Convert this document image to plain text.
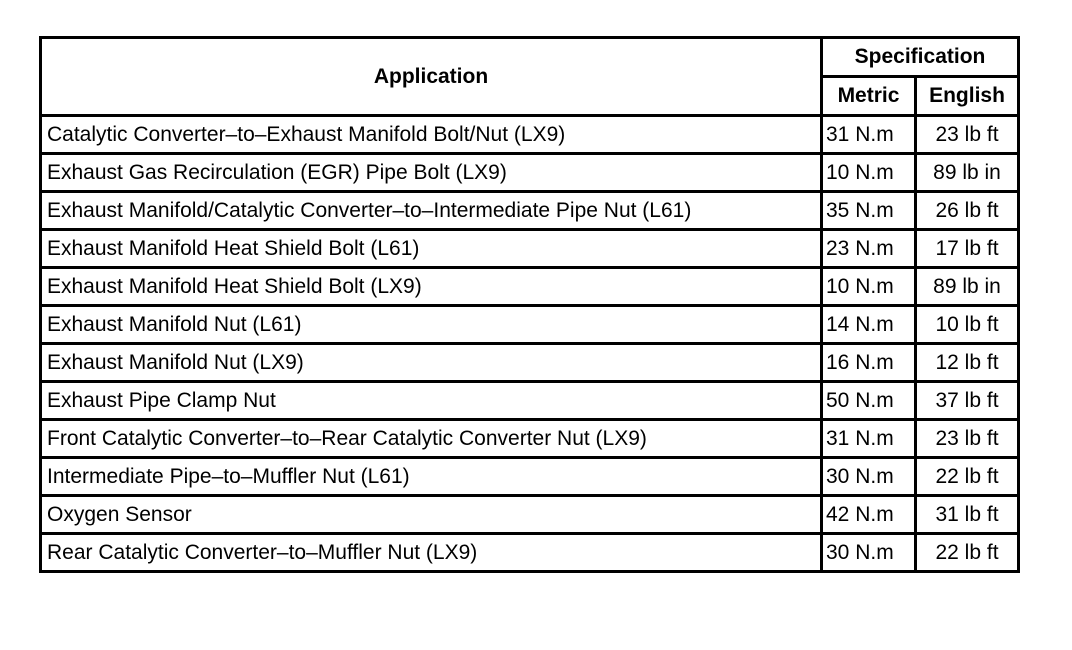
Application	Specification	
	Metric	English
Catalytic Converter–to–Exhaust Manifold Bolt/Nut (LX9)	31 N.m	23 lb ft
Exhaust Gas Recirculation (EGR) Pipe Bolt (LX9)	10 N.m	89 lb in
Exhaust Manifold/Catalytic Converter–to–Intermediate Pipe Nut (L61)	35 N.m	26 lb ft
Exhaust Manifold Heat Shield Bolt (L61)	23 N.m	17 lb ft
Exhaust Manifold Heat Shield Bolt (LX9)	10 N.m	89 lb in
Exhaust Manifold Nut (L61)	14 N.m	10 lb ft
Exhaust Manifold Nut (LX9)	16 N.m	12 lb ft
Exhaust Pipe Clamp Nut	50 N.m	37 lb ft
Front Catalytic Converter–to–Rear Catalytic Converter Nut (LX9)	31 N.m	23 lb ft
Intermediate Pipe–to–Muffler Nut (L61)	30 N.m	22 lb ft
Oxygen Sensor	42 N.m	31 lb ft
Rear Catalytic Converter–to–Muffler Nut (LX9)	30 N.m	22 lb ft
